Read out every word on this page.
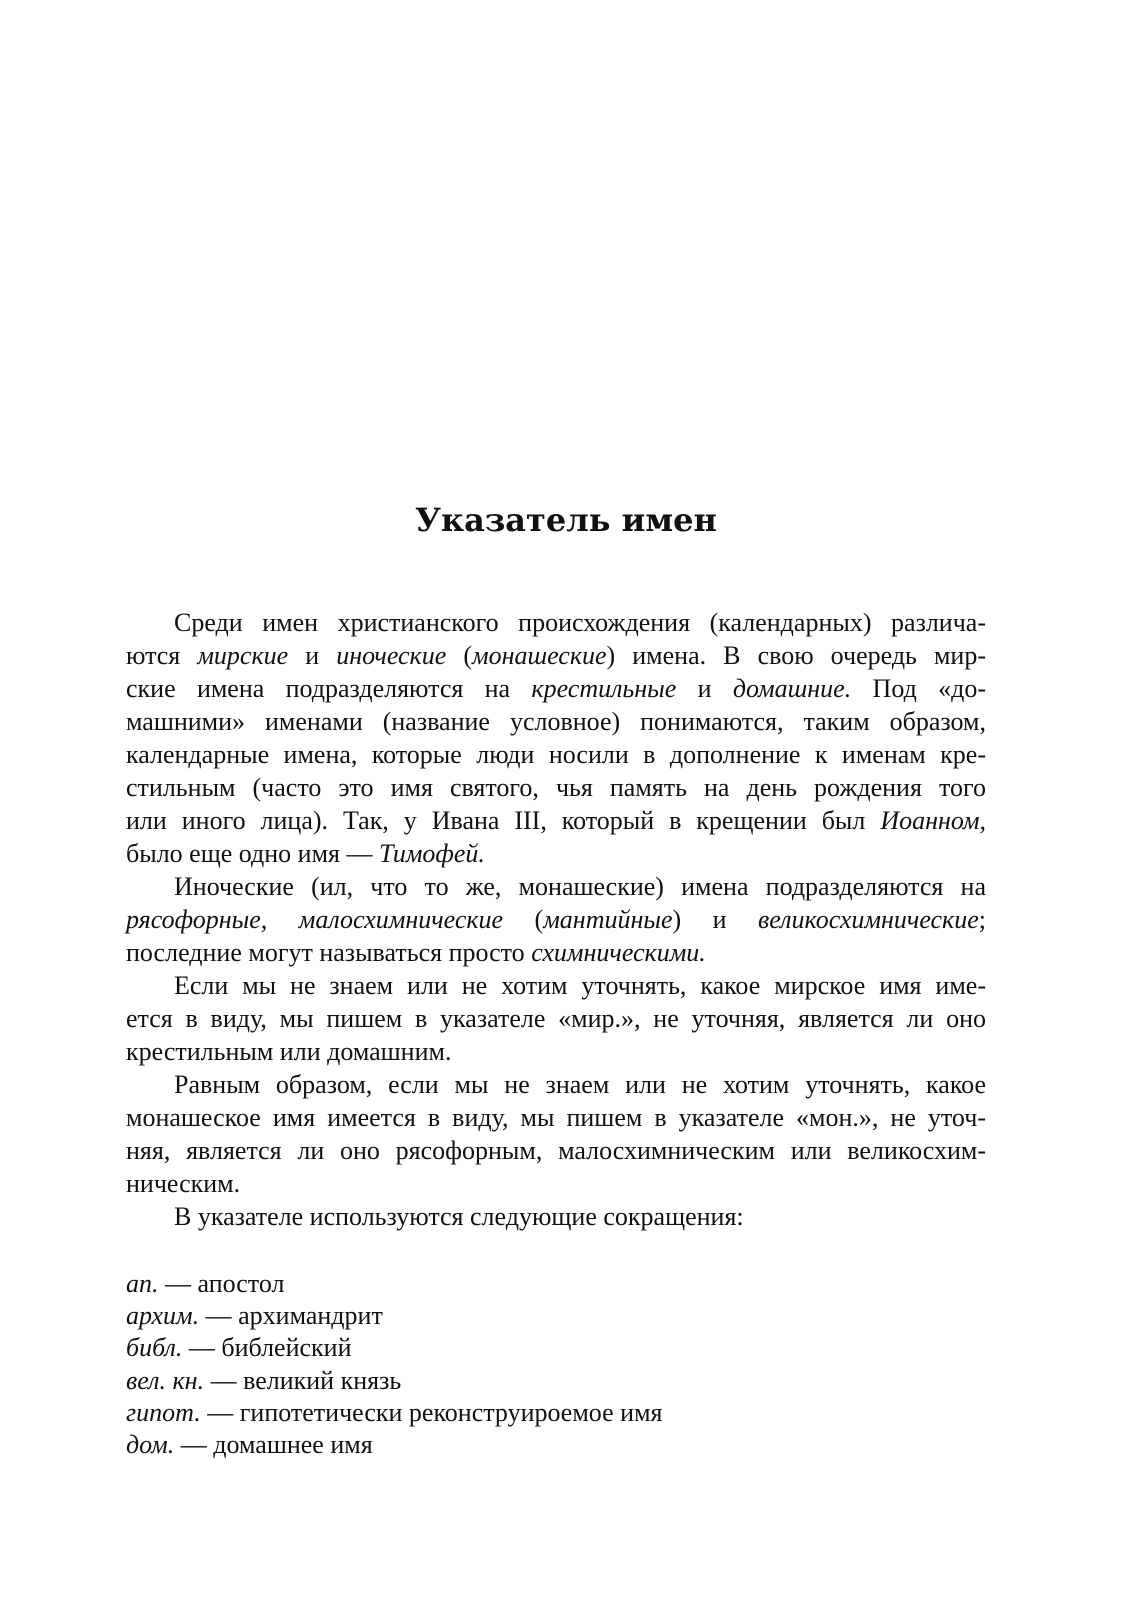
Указатель имен
Среди имен христианского происхождения (календарных) различа-
ются мирские и иноческие (монашеские) имена. В свою очередь мир-
ские имена подразделяются на крестильные и домашние. Под «до-
машними» именами (название условное) понимаются, таким образом,
календарные имена, которые люди носили в дополнение к именам кре-
стильным (часто это имя святого, чья память на день рождения того
или иного лица). Так, у Ивана III, который в крещении был Иоанном,
было еще одно имя — Тимофей.
Иноческие (ил, что то же, монашеские) имена подразделяются на
рясофорные, малосхимнические (мантийные) и великосхимнические;
последние могут называться просто схимническими.
Если мы не знаем или не хотим уточнять, какое мирское имя име-
ется в виду, мы пишем в указателе «мир.», не уточняя, является ли оно
крестильным или домашним.
Равным образом, если мы не знаем или не хотим уточнять, какое
монашеское имя имеется в виду, мы пишем в указателе «мон.», не уточ-
няя, является ли оно рясофорным, малосхимническим или великосхим-
ническим.
В указателе используются следующие сокращения:
ап. — апостол
архим. — архимандрит
библ. — библейский
вел. кн. — великий князь
гипот. — гипотетически реконструироемое имя
дом. — домашнее имя
